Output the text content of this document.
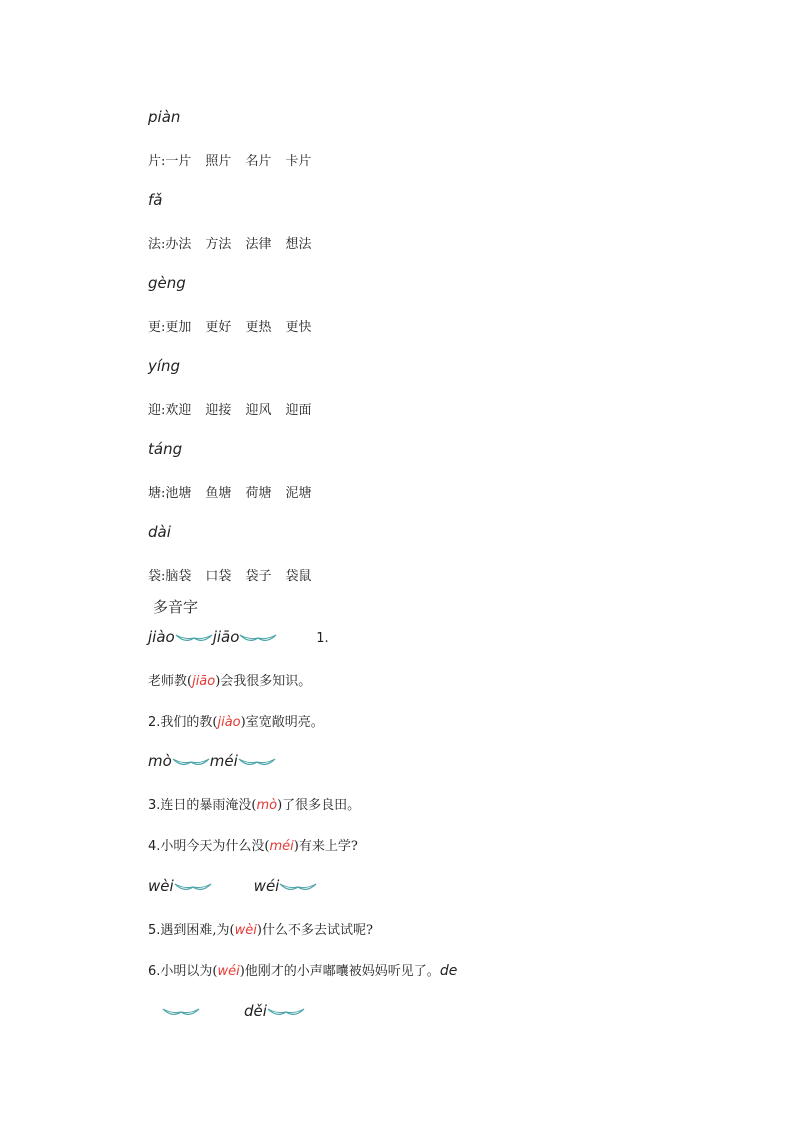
piàn
片:一片 照片 名片 卡片
fǎ
法:办法 方法 法律 想法
gèng
更:更加 更好 更热 更快
yíng
迎:欢迎 迎接 迎风 迎面
táng
塘:池塘 鱼塘 荷塘 泥塘
dài
袋:脑袋 口袋 袋子 袋鼠
多音字
jiào	jiāo	1.
老师教(jiāo)会我很多知识。
2.我们的教(jiào)室宽敞明亮。
mò	méi
3.连日的暴雨淹没(mò)了很多良田。
4.小明今天为什么没(méi)有来上学?
wèi	wéi
5.遇到困难,为(wèi)什么不多去试试呢?
6.小明以为(wéi)他刚才的小声嘟囔被妈妈听见了。de
děi
